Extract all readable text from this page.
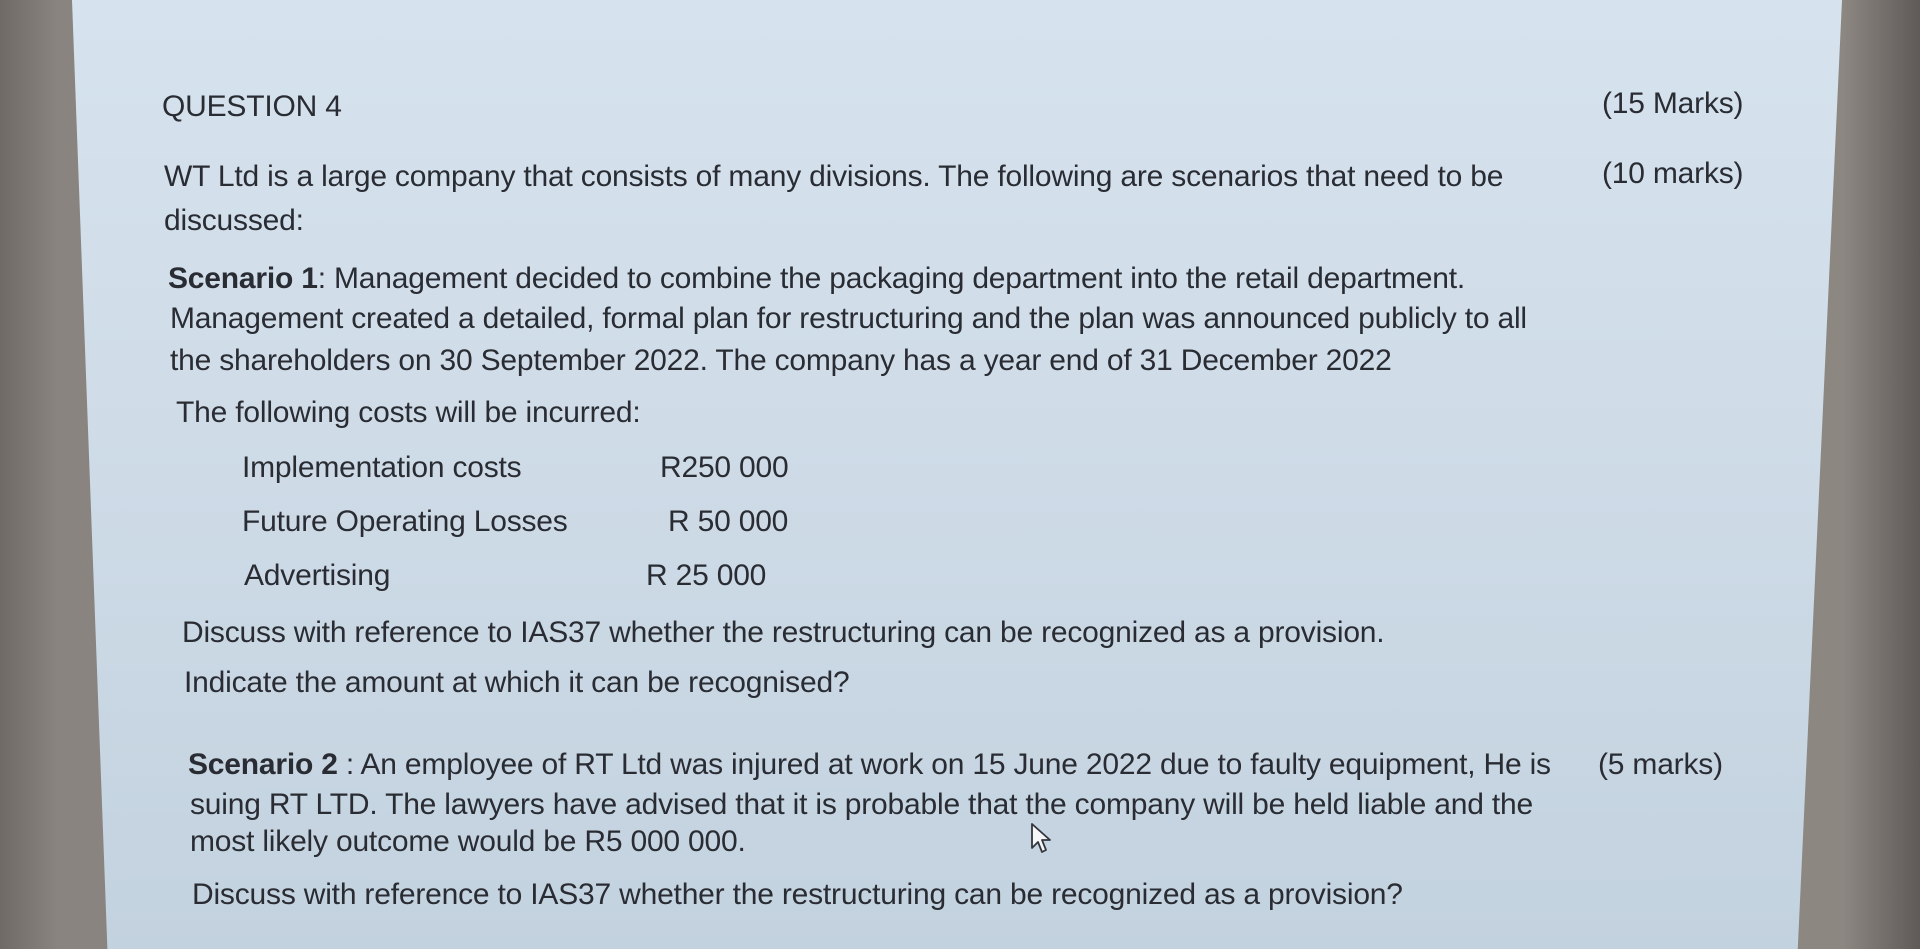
QUESTION 4	(15 Marks)
WT Ltd is a large company that consists of many divisions. The following are scenarios that need to be	(10 marks)
discussed:
Scenario 1: Management decided to combine the packaging department into the retail department.
Management created a detailed, formal plan for restructuring and the plan was announced publicly to all
the shareholders on 30 September 2022. The company has a year end of 31 December 2022
The following costs will be incurred:
Implementation costs	R250 000
Future Operating Losses	R 50 000
Advertising	R 25 000
Discuss with reference to IAS37 whether the restructuring can be recognized as a provision.
Indicate the amount at which it can be recognised?
Scenario 2 : An employee of RT Ltd was injured at work on 15 June 2022 due to faulty equipment, He is (5 marks)
suing RT LTD. The lawyers have advised that it is probable that the company will be held liable and the
most likely outcome would be R5 000 000.
Discuss with reference to IAS37 whether the restructuring can be recognized as a provision?
